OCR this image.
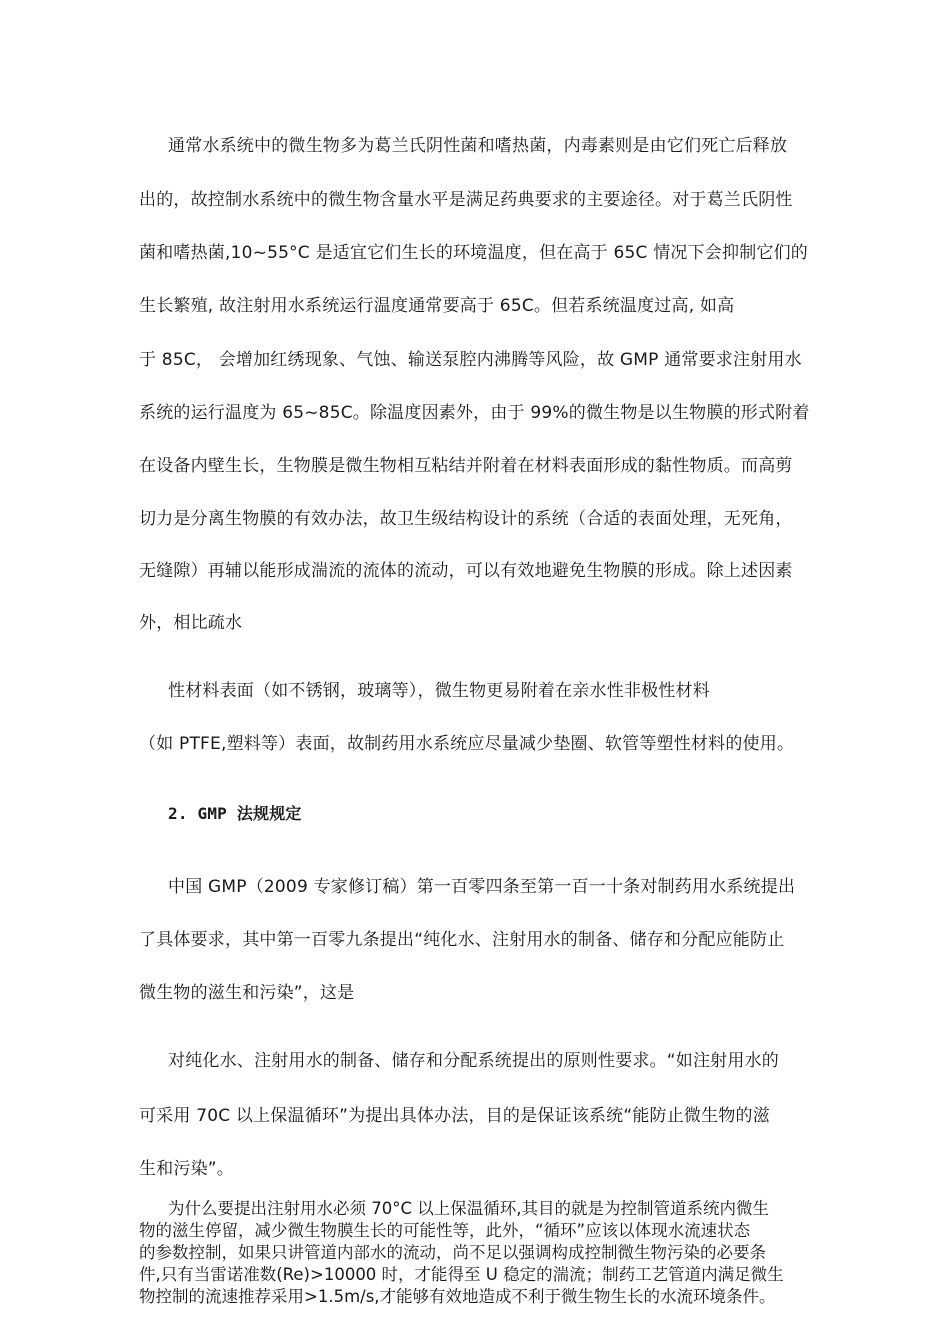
通常水系统中的微生物多为葛兰氏阴性菌和嗜热菌，内毒素则是由它们死亡后释放
出的，故控制水系统中的微生物含量水平是满足药典要求的主要途径。对于葛兰氏阴性
菌和嗜热菌,10~55°C 是适宜它们生长的环境温度，但在高于 65C 情况下会抑制它们的
生长繁殖, 故注射用水系统运行温度通常要高于 65C。但若系统温度过高, 如高
于 85C， 会增加红绣现象、气蚀、输送泵腔内沸腾等风险，故 GMP 通常要求注射用水
系统的运行温度为 65~85C。除温度因素外，由于 99%的微生物是以生物膜的形式附着
在设备内壁生长，生物膜是微生物相互粘结并附着在材料表面形成的黏性物质。而高剪
切力是分离生物膜的有效办法，故卫生级结构设计的系统（合适的表面处理，无死角，
无缝隙）再辅以能形成湍流的流体的流动，可以有效地避免生物膜的形成。除上述因素
外，相比疏水
性材料表面（如不锈钢，玻璃等），微生物更易附着在亲水性非极性材料
（如 PTFE,塑料等）表面，故制药用水系统应尽量减少垫圈、软管等塑性材料的使用。
2. GMP 法规规定
中国 GMP（2009 专家修订稿）第一百零四条至第一百一十条对制药用水系统提出
了具体要求，其中第一百零九条提出“纯化水、注射用水的制备、储存和分配应能防止
微生物的滋生和污染”，这是
对纯化水、注射用水的制备、储存和分配系统提出的原则性要求。“如注射用水的
可采用 70C 以上保温循环”为提出具体办法，目的是保证该系统“能防止微生物的滋
生和污染”。
为什么要提出注射用水必须 70°C 以上保温循环,其目的就是为控制管道系统内微生
物的滋生停留，减少微生物膜生长的可能性等，此外，“循环”应该以体现水流速状态
的参数控制，如果只讲管道内部水的流动，尚不足以强调构成控制微生物污染的必要条
件,只有当雷诺准数(Re)>10000 时，才能得至 U 稳定的湍流；制药工艺管道内满足微生
物控制的流速推荐采用>1.5m/s,才能够有效地造成不利于微生物生长的水流环境条件。
